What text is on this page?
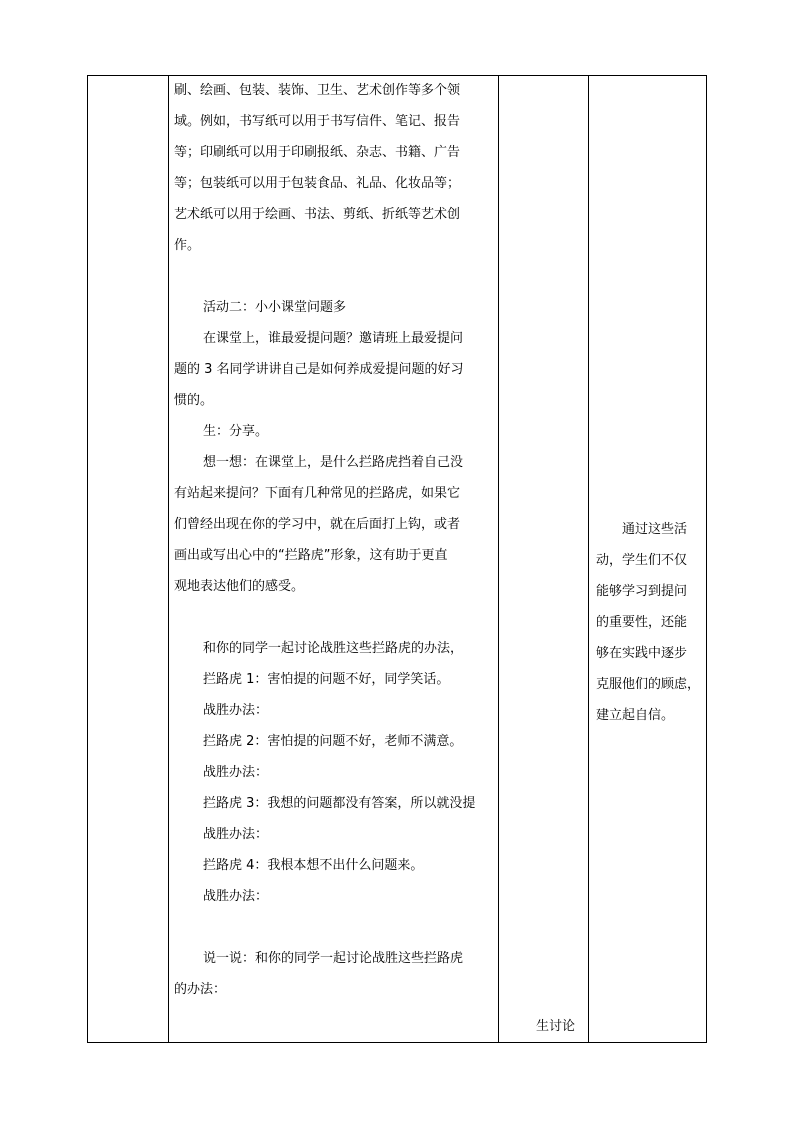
刷、绘画、包装、装饰、卫生、艺术创作等多个领
域。例如，书写纸可以用于书写信件、笔记、报告
等；印刷纸可以用于印刷报纸、杂志、书籍、广告
等；包装纸可以用于包装食品、礼品、化妆品等；
艺术纸可以用于绘画、书法、剪纸、折纸等艺术创
作。
活动二：小小课堂问题多
在课堂上，谁最爱提问题？邀请班上最爱提问
题的 3 名同学讲讲自己是如何养成爱提问题的好习
惯的。
生：分享。
想一想：在课堂上，是什么拦路虎挡着自己没
有站起来提问？下面有几种常见的拦路虎，如果它
们曾经出现在你的学习中，就在后面打上钩，或者
画出或写出心中的“拦路虎”形象，这有助于更直
观地表达他们的感受。
和你的同学一起讨论战胜这些拦路虎的办法，
拦路虎 1：害怕提的问题不好，同学笑话。
战胜办法：
拦路虎 2：害怕提的问题不好，老师不满意。
战胜办法：
拦路虎 3：我想的问题都没有答案，所以就没提
战胜办法：
拦路虎 4：我根本想不出什么问题来。
战胜办法：
说一说：和你的同学一起讨论战胜这些拦路虎
的办法：
生讨论
通过这些活
动，学生们不仅
能够学习到提问
的重要性，还能
够在实践中逐步
克服他们的顾虑，
建立起自信。
